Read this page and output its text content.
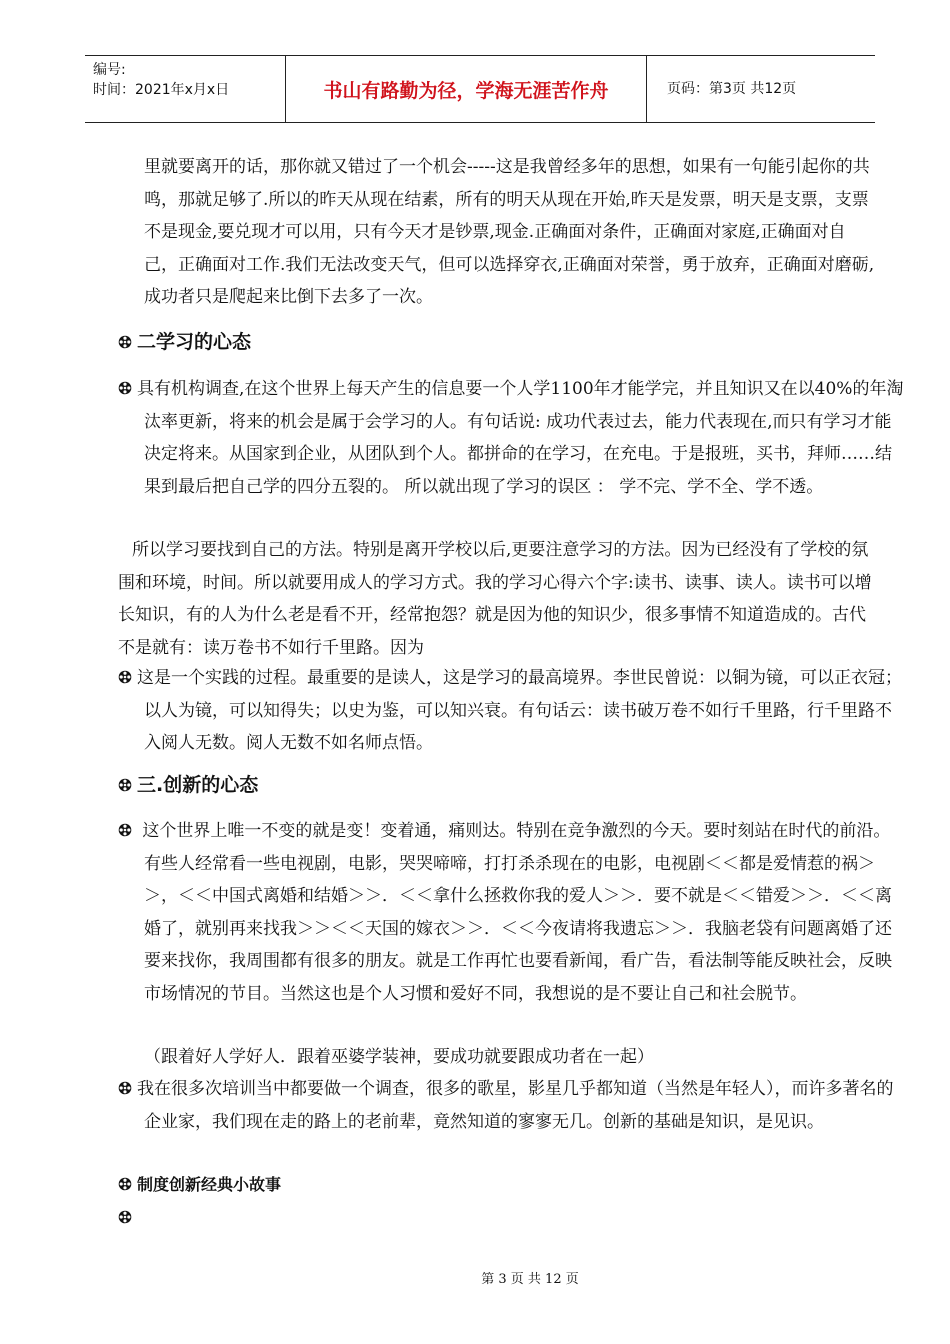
编号:
时间：2021年x月x日	书山有路勤为径，学海无涯苦作舟	页码：第3页 共12页
里就要离开的话，那你就又错过了一个机会-----这是我曾经多年的思想，如果有一句能引起你的共鸣，那就足够了.所以的昨天从现在结素，所有的明天从现在开始,昨天是发票，明天是支票，支票不是现金,要兑现才可以用，只有今天才是钞票,现金.正确面对条件，正确面对家庭,正确面对自己，正确面对工作.我们无法改变天气，但可以选择穿衣,正确面对荣誉，勇于放弃，正确面对磨砺,成功者只是爬起来比倒下去多了一次。
二学习的心态
具有机构调查,在这个世界上每天产生的信息要一个人学1100年才能学完，并且知识又在以40%的年淘汰率更新，将来的机会是属于会学习的人。有句话说: 成功代表过去，能力代表现在,而只有学习才能决定将来。从国家到企业，从团队到个人。都拼命的在学习，在充电。于是报班，买书，拜师……结果到最后把自己学的四分五裂的。 所以就出现了学习的误区 ： 学不完、学不全、学不透。
所以学习要找到自己的方法。特别是离开学校以后,更要注意学习的方法。因为已经没有了学校的氛围和环境，时间。所以就要用成人的学习方式。我的学习心得六个字:读书、读事、读人。读书可以增长知识，有的人为什么老是看不开，经常抱怨？就是因为他的知识少，很多事情不知道造成的。古代不是就有：读万卷书不如行千里路。因为
这是一个实践的过程。最重要的是读人，这是学习的最高境界。李世民曾说：以铜为镜，可以正衣冠；以人为镜，可以知得失；以史为鉴，可以知兴衰。有句话云：读书破万卷不如行千里路，行千里路不入阅人无数。阅人无数不如名师点悟。
三.创新的心态
这个世界上唯一不变的就是变！变着通，痛则达。特别在竞争激烈的今天。要时刻站在时代的前沿。有些人经常看一些电视剧，电影，哭哭啼啼，打打杀杀现在的电影，电视剧＜＜都是爱情惹的祸＞＞，＜＜中国式离婚和结婚＞＞．＜＜拿什么拯救你我的爱人＞＞．要不就是＜＜错爱＞＞．＜＜离婚了，就别再来找我＞＞＜＜天国的嫁衣＞＞．＜＜今夜请将我遗忘＞＞．我脑老袋有问题离婚了还要来找你，我周围都有很多的朋友。就是工作再忙也要看新闻，看广告，看法制等能反映社会，反映市场情况的节目。当然这也是个人习惯和爱好不同，我想说的是不要让自己和社会脱节。
（跟着好人学好人．跟着巫婆学装神，要成功就要跟成功者在一起）
我在很多次培训当中都要做一个调查，很多的歌星，影星几乎都知道（当然是年轻人），而许多著名的企业家，我们现在走的路上的老前辈，竟然知道的寥寥无几。创新的基础是知识，是见识。
制度创新经典小故事
第 3 页 共 12 页
